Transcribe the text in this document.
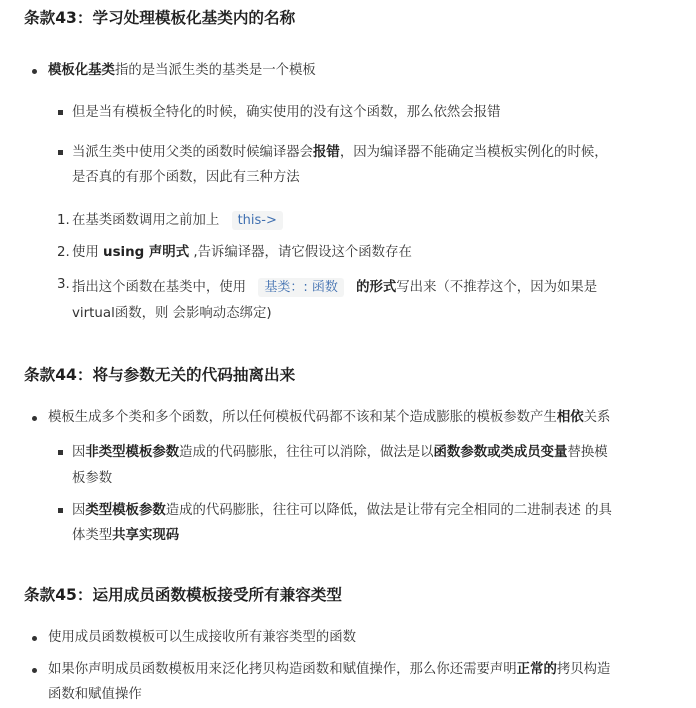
条款43：学习处理模板化基类内的名称
模板化基类指的是当派生类的基类是一个模板
但是当有模板全特化的时候，确实使用的没有这个函数，那么依然会报错
当派生类中使用父类的函数时候编译器会报错，因为编译器不能确定当模板实例化的时候，
是否真的有那个函数，因此有三种方法
1. 在基类函数调用之前加上 this->
2. 使用 using 声明式 ,告诉编译器，请它假设这个函数存在
3. 指出这个函数在基类中，使用 基类：: 函数 的形式写出来（不推荐这个，因为如果是
virtual函数，则 会影响动态绑定)
条款44：将与参数无关的代码抽离出来
模板生成多个类和多个函数，所以任何模板代码都不该和某个造成膨胀的模板参数产生相依关系
因非类型模板参数造成的代码膨胀，往往可以消除，做法是以函数参数或类成员变量替换模
板参数
因类型模板参数造成的代码膨胀，往往可以降低，做法是让带有完全相同的二进制表述 的具
体类型共享实现码
条款45：运用成员函数模板接受所有兼容类型
使用成员函数模板可以生成接收所有兼容类型的函数
如果你声明成员函数模板用来泛化拷贝构造函数和赋值操作，那么你还需要声明正常的拷贝构造
函数和赋值操作
